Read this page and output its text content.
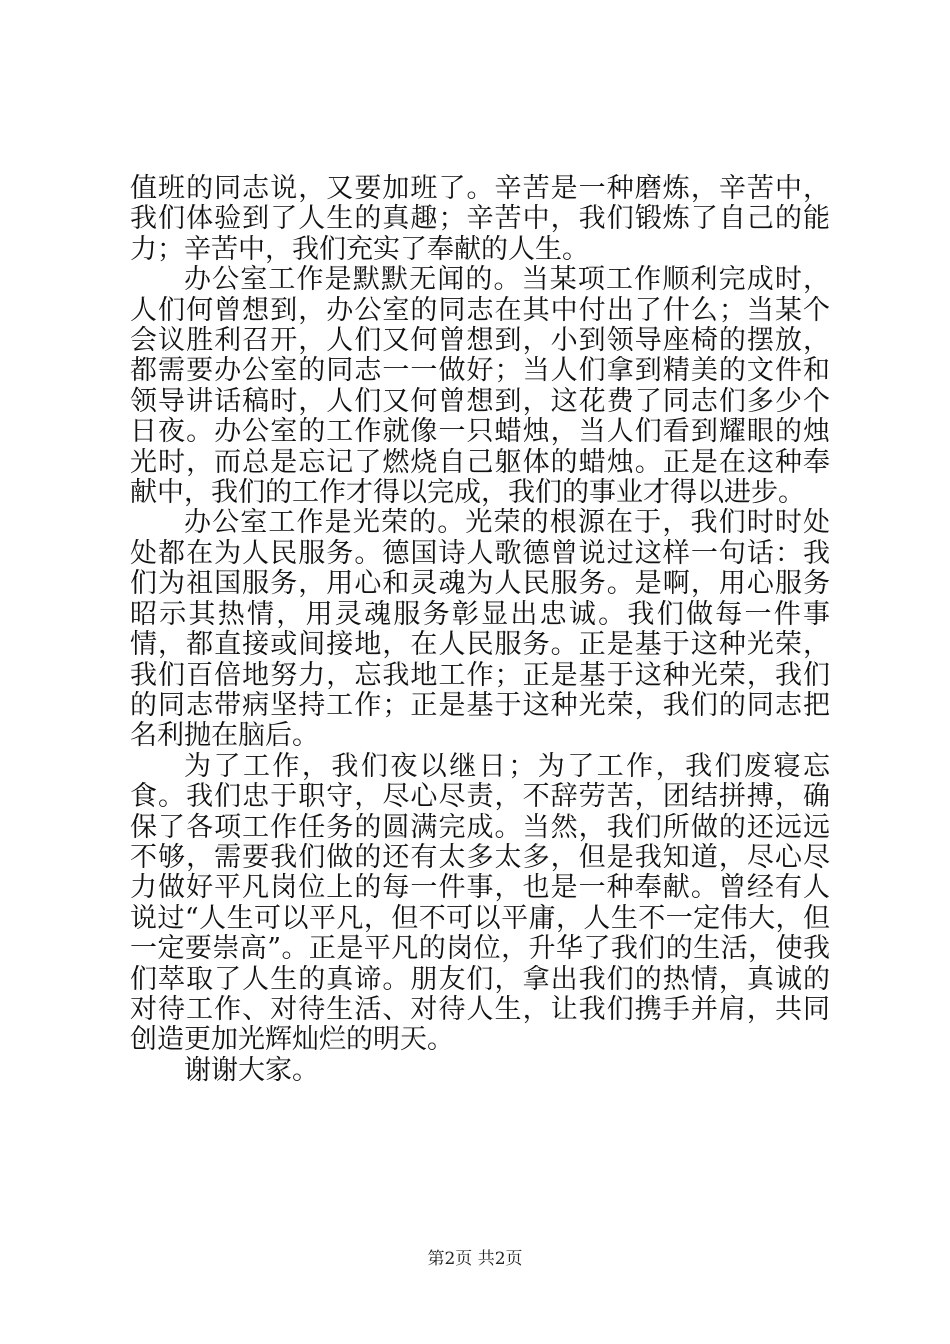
值班的同志说，又要加班了。辛苦是一种磨炼，辛苦中，我们体验到了人生的真趣；辛苦中，我们锻炼了自己的能力；辛苦中，我们充实了奉献的人生。

办公室工作是默默无闻的。当某项工作顺利完成时，人们何曾想到，办公室的同志在其中付出了什么；当某个会议胜利召开，人们又何曾想到，小到领导座椅的摆放，都需要办公室的同志一一做好；当人们拿到精美的文件和领导讲话稿时，人们又何曾想到，这花费了同志们多少个日夜。办公室的工作就像一只蜡烛，当人们看到耀眼的烛光时，而总是忘记了燃烧自己躯体的蜡烛。正是在这种奉献中，我们的工作才得以完成，我们的事业才得以进步。

办公室工作是光荣的。光荣的根源在于，我们时时处处都在为人民服务。德国诗人歌德曾说过这样一句话：我们为祖国服务，用心和灵魂为人民服务。是啊，用心服务昭示其热情，用灵魂服务彰显出忠诚。我们做每一件事情，都直接或间接地，在人民服务。正是基于这种光荣，我们百倍地努力，忘我地工作；正是基于这种光荣，我们的同志带病坚持工作；正是基于这种光荣，我们的同志把名利抛在脑后。

为了工作，我们夜以继日；为了工作，我们废寝忘食。我们忠于职守，尽心尽责，不辞劳苦，团结拼搏，确保了各项工作任务的圆满完成。当然，我们所做的还远远不够，需要我们做的还有太多太多，但是我知道，尽心尽力做好平凡岗位上的每一件事，也是一种奉献。曾经有人说过“人生可以平凡，但不可以平庸，人生不一定伟大，但一定要崇高”。正是平凡的岗位，升华了我们的生活，使我们萃取了人生的真谛。朋友们，拿出我们的热情，真诚的对待工作、对待生活、对待人生，让我们携手并肩，共同创造更加光辉灿烂的明天。

谢谢大家。

第2页 共2页
